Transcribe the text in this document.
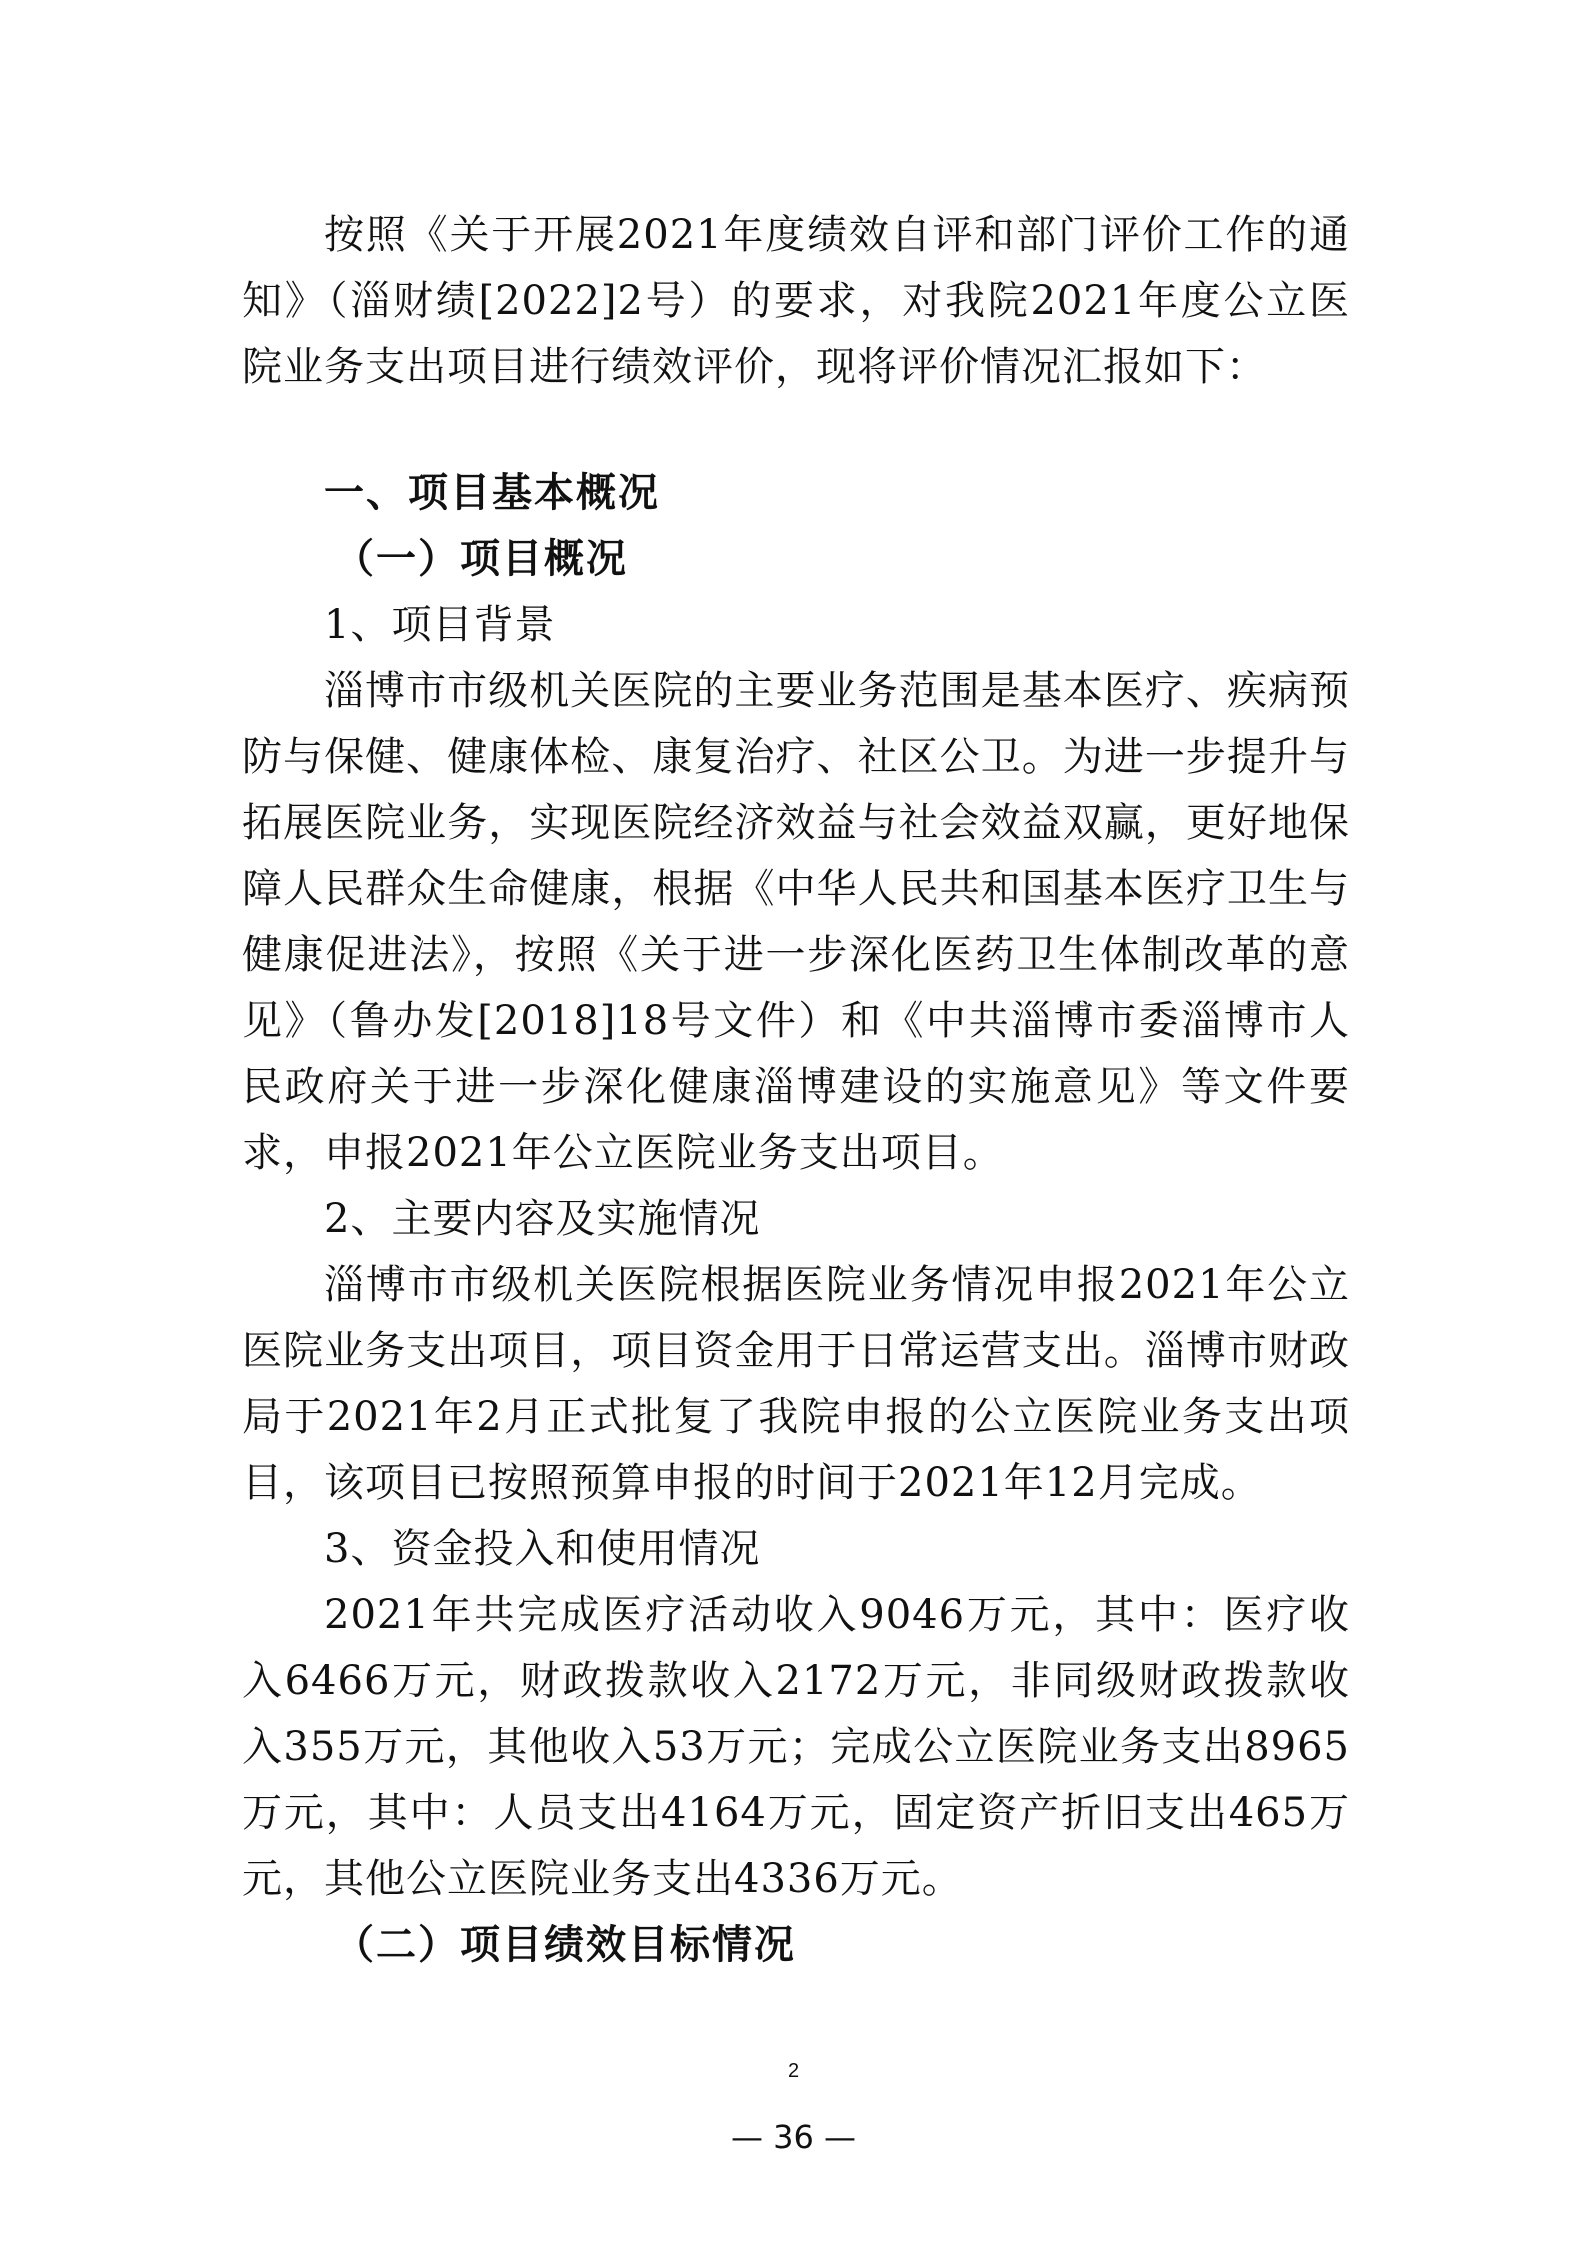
按照《关于开展2021年度绩效自评和部门评价工作的通知》（淄财绩[2022]2号）的要求，对我院2021年度公立医院业务支出项目进行绩效评价，现将评价情况汇报如下：

一、项目基本概况

（一）项目概况

1、项目背景

淄博市市级机关医院的主要业务范围是基本医疗、疾病预防与保健、健康体检、康复治疗、社区公卫。为进一步提升与拓展医院业务，实现医院经济效益与社会效益双赢，更好地保障人民群众生命健康，根据《中华人民共和国基本医疗卫生与健康促进法》，按照《关于进一步深化医药卫生体制改革的意见》（鲁办发[2018]18号文件）和《中共淄博市委淄博市人民政府关于进一步深化健康淄博建设的实施意见》等文件要求，申报2021年公立医院业务支出项目。

2、主要内容及实施情况

淄博市市级机关医院根据医院业务情况申报2021年公立医院业务支出项目，项目资金用于日常运营支出。淄博市财政局于2021年2月正式批复了我院申报的公立医院业务支出项目，该项目已按照预算申报的时间于2021年12月完成。

3、资金投入和使用情况

2021年共完成医疗活动收入9046万元，其中：医疗收入6466万元，财政拨款收入2172万元，非同级财政拨款收入355万元，其他收入53万元；完成公立医院业务支出8965万元，其中：人员支出4164万元，固定资产折旧支出465万元，其他公立医院业务支出4336万元。

（二）项目绩效目标情况

2
— 36 —
